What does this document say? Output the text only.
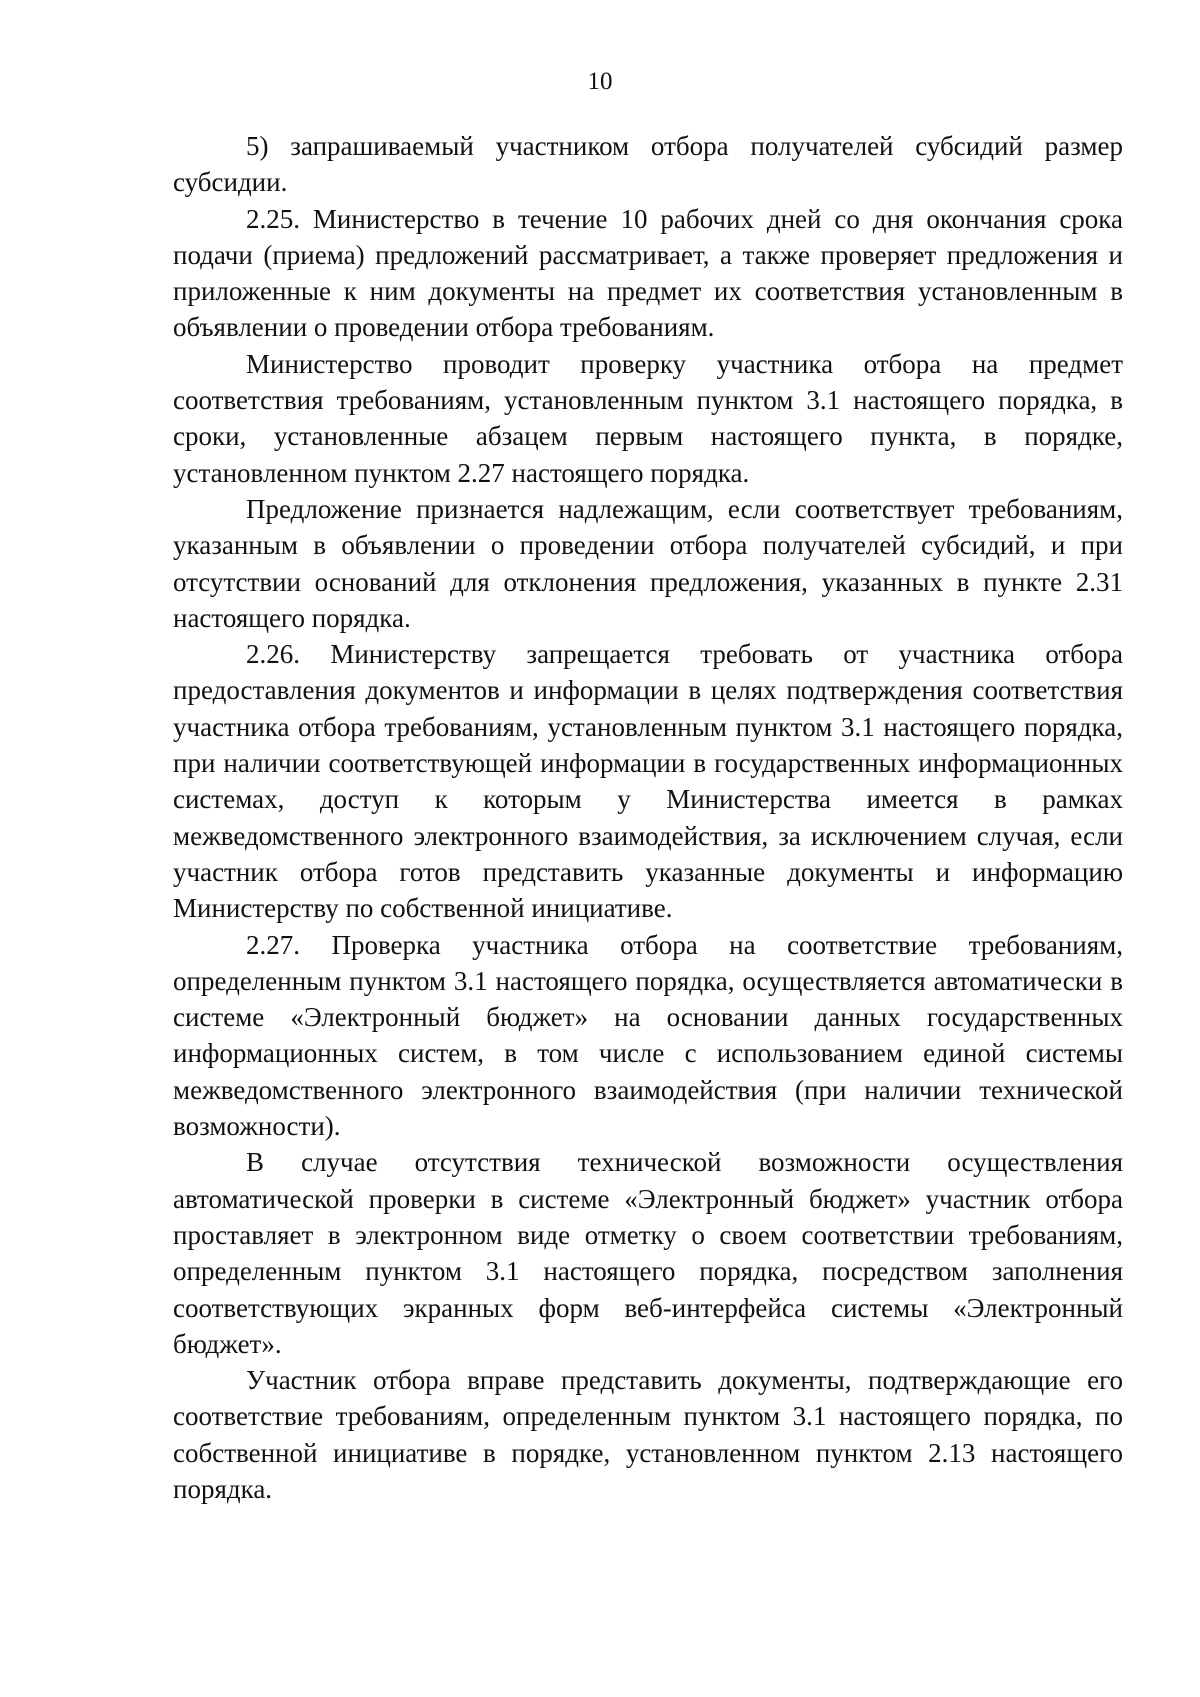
10

5) запрашиваемый участником отбора получателей субсидий размер субсидии.

2.25. Министерство в течение 10 рабочих дней со дня окончания срока подачи (приема) предложений рассматривает, а также проверяет предложения и приложенные к ним документы на предмет их соответствия установленным в объявлении о проведении отбора требованиям.

Министерство проводит проверку участника отбора на предмет соответствия требованиям, установленным пунктом 3.1 настоящего порядка, в сроки, установленные абзацем первым настоящего пункта, в порядке, установленном пунктом 2.27 настоящего порядка.

Предложение признается надлежащим, если соответствует требованиям, указанным в объявлении о проведении отбора получателей субсидий, и при отсутствии оснований для отклонения предложения, указанных в пункте 2.31 настоящего порядка.

2.26. Министерству запрещается требовать от участника отбора предоставления документов и информации в целях подтверждения соответствия участника отбора требованиям, установленным пунктом 3.1 настоящего порядка, при наличии соответствующей информации в государственных информационных системах, доступ к которым у Министерства имеется в рамках межведомственного электронного взаимодействия, за исключением случая, если участник отбора готов представить указанные документы и информацию Министерству по собственной инициативе.

2.27. Проверка участника отбора на соответствие требованиям, определенным пунктом 3.1 настоящего порядка, осуществляется автоматически в системе «Электронный бюджет» на основании данных государственных информационных систем, в том числе с использованием единой системы межведомственного электронного взаимодействия (при наличии технической возможности).

В случае отсутствия технической возможности осуществления автоматической проверки в системе «Электронный бюджет» участник отбора проставляет в электронном виде отметку о своем соответствии требованиям, определенным пунктом 3.1 настоящего порядка, посредством заполнения соответствующих экранных форм веб-интерфейса системы «Электронный бюджет».

Участник отбора вправе представить документы, подтверждающие его соответствие требованиям, определенным пунктом 3.1 настоящего порядка, по собственной инициативе в порядке, установленном пунктом 2.13 настоящего порядка.
